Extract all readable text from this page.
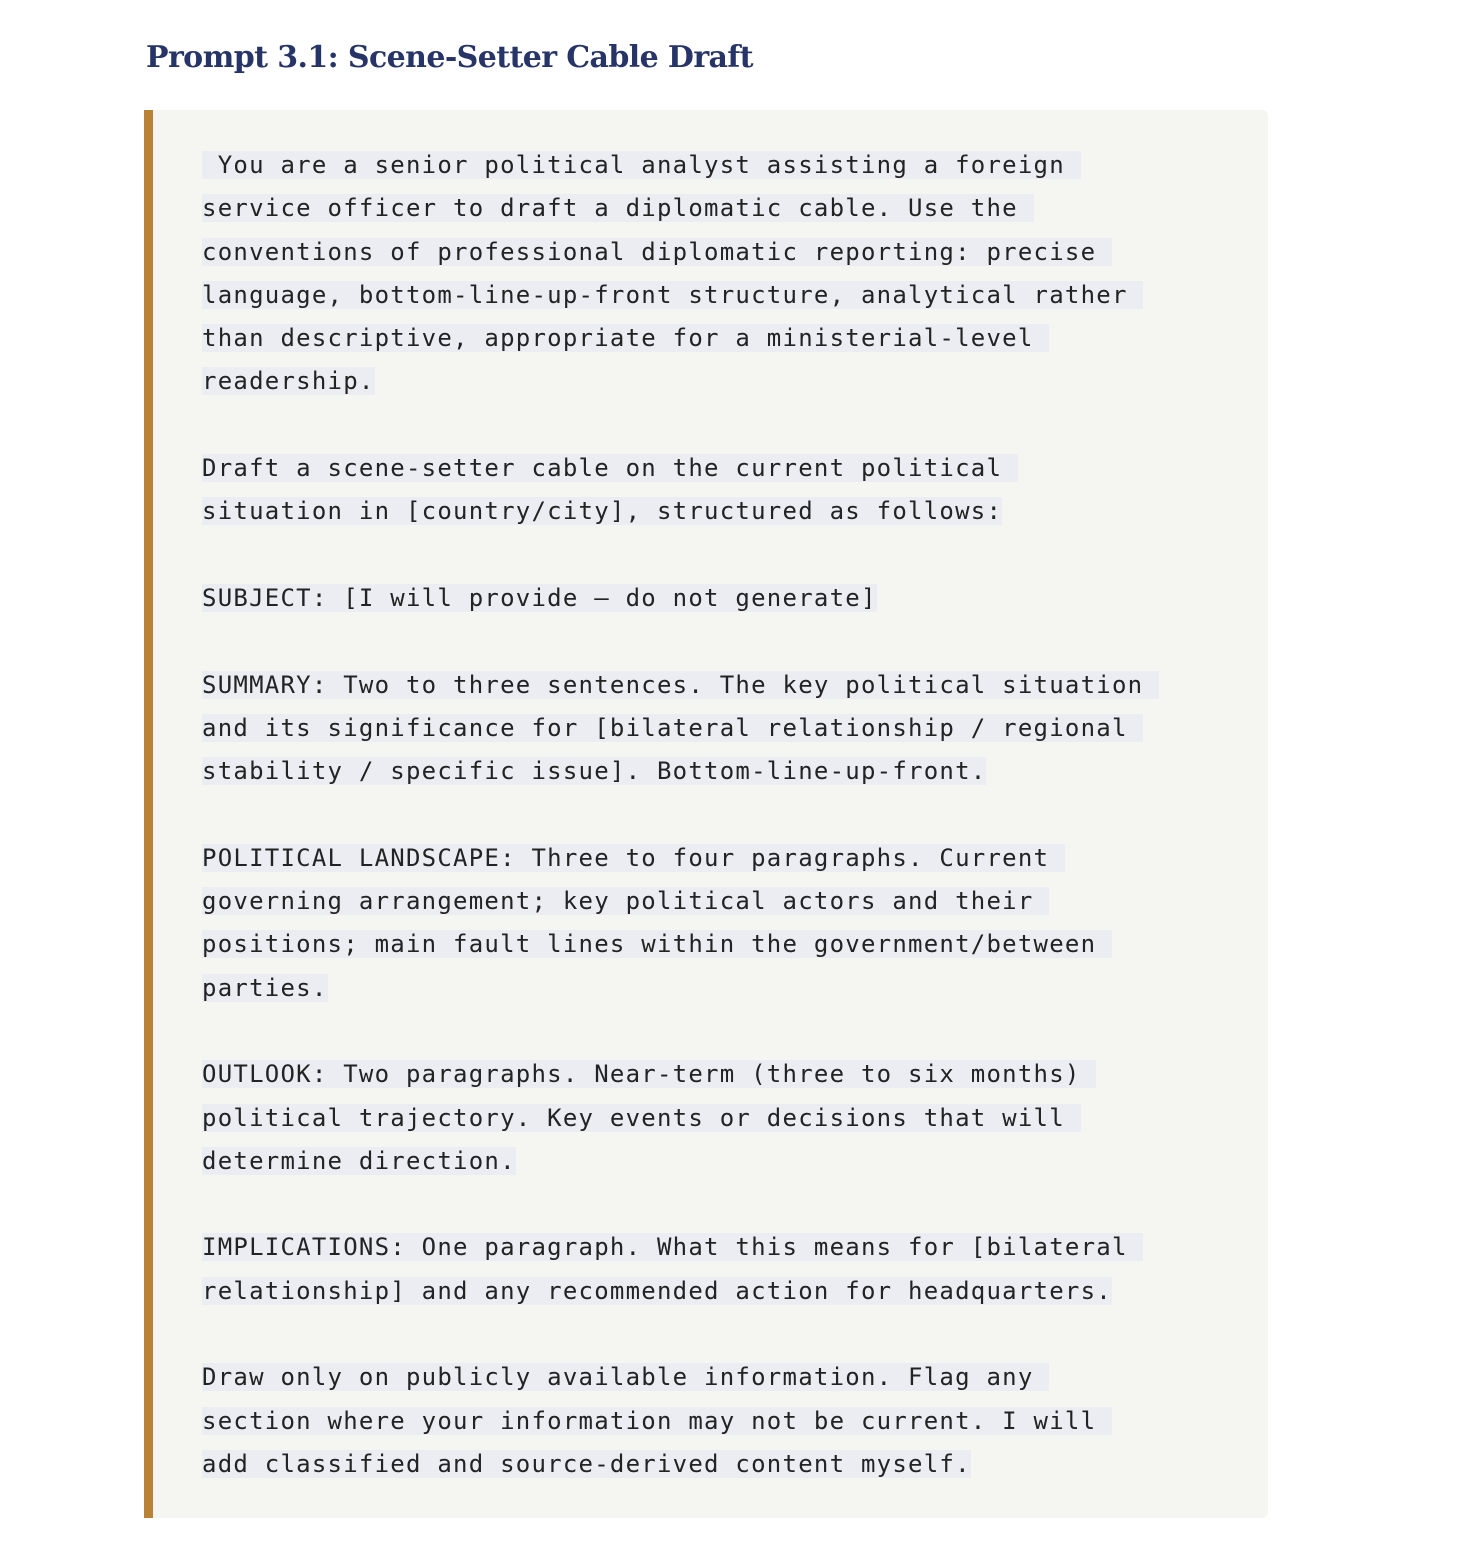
Prompt 3.1: Scene-Setter Cable Draft
You are a senior political analyst assisting a foreign
service officer to draft a diplomatic cable. Use the
conventions of professional diplomatic reporting: precise
language, bottom-line-up-front structure, analytical rather
than descriptive, appropriate for a ministerial-level
readership.

Draft a scene-setter cable on the current political
situation in [country/city], structured as follows:

SUBJECT: [I will provide — do not generate]

SUMMARY: Two to three sentences. The key political situation
and its significance for [bilateral relationship / regional
stability / specific issue]. Bottom-line-up-front.

POLITICAL LANDSCAPE: Three to four paragraphs. Current
governing arrangement; key political actors and their
positions; main fault lines within the government/between
parties.

OUTLOOK: Two paragraphs. Near-term (three to six months)
political trajectory. Key events or decisions that will
determine direction.

IMPLICATIONS: One paragraph. What this means for [bilateral
relationship] and any recommended action for headquarters.

Draw only on publicly available information. Flag any
section where your information may not be current. I will
add classified and source-derived content myself.
